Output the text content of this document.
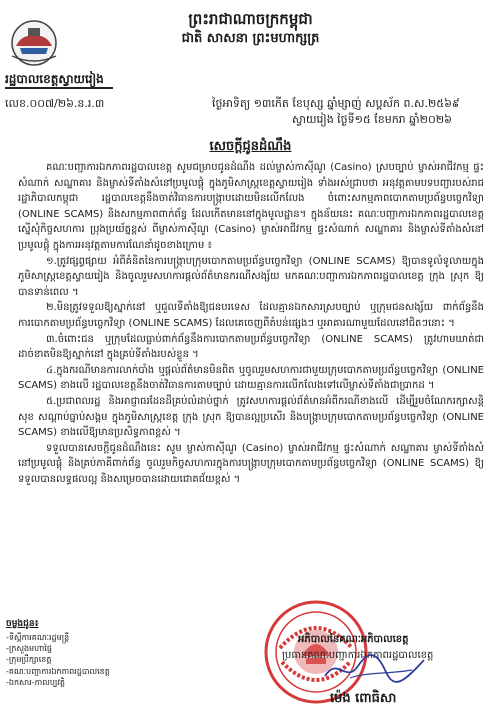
ព្រះរាជាណាចក្រកម្ពុជា
ជាតិ សាសនា ព្រះមហាក្សត្រ
រដ្ឋបាលខេត្តស្វាយរៀង
លេខ.០០៧/២៦.ន.រ.៣	ថ្ងៃអាទិត្យ ១៣កើត ខែបុស្ស ឆ្នាំម្សាញ់ សប្តស័ក ព.ស.២៥៦៩
ស្វាយរៀង ថ្ងៃទី១៥ ខែមករា ឆ្នាំ២០២៦
សេចក្តីជូនដំណឹង

គណៈបញ្ជាការឯកភាពរដ្ឋបាលខេត្ត សូមជម្រាបជូនដំណឹង ដល់ម្ចាស់កាស៊ីណូ (Casino) ស្របច្បាប់ ម្ចាស់អាជីវកម្ម ផ្ទះសំណាក់ សណ្ឋាគារ និងម្ចាស់ទីតាំងសំនៅប្រមូលផ្តុំ ក្នុងភូមិសាស្ត្រខេត្តស្វាយរៀង ទាំងអស់ជ្រាបថា អនុវត្តតាមបទបញ្ជារបស់រាជរដ្ឋាភិបាលកម្ពុជា រដ្ឋបាលខេត្តនឹងចាត់វិធានការបង្ក្រាបដោយមិនលើកលែង ចំពោះសកម្មភាពបោកតាមប្រព័ន្ធបច្ចេកវិទ្យា (ONLINE SCAMS) និងសកម្មភាពពាក់ព័ន្ធ ដែលកើតមាននៅក្នុងមូលដ្ឋាន។ ក្នុងន័យនេះ គណៈបញ្ជាការឯកភាពរដ្ឋបាលខេត្ត ស្នើសុំកិច្ចសហការ ប្រុងប្រយ័ត្នខ្ពស់ ពីម្ចាស់កាស៊ីណូ (Casino) ម្ចាស់អាជីវកម្ម ផ្ទះសំណាក់ សណ្ឋាគារ និងម្ចាស់ទីតាំងសំនៅប្រមូលផ្តុំ ក្នុងការអនុវត្តតាមការណែនាំដូចខាងក្រោម ៖

១.ត្រូវផ្សព្វផ្សាយ អំពីគំនិតនៃការបង្ក្រាបក្រុមបោកតាមប្រព័ន្ធបច្ចេកវិទ្យា (ONLINE SCAMS) ឱ្យបានទូលំទូលាយក្នុងភូមិសាស្ត្រខេត្តស្វាយរៀង និងចូលរួមសហការផ្តល់ព័ត៌មានករណីសង្ស័យ មកគណៈបញ្ជាការឯកភាពរដ្ឋបាលខេត្ត ក្រុង ស្រុក ឱ្យបានទាន់ពេល ។

២.មិនត្រូវទទួលឱ្យស្នាក់នៅ ឬជួលទីតាំងឱ្យជនបរទេស ដែលគ្មានឯកសារស្របច្បាប់ ឬក្រុមជនសង្ស័យ ពាក់ព័ន្ធនឹងការបោកតាមប្រព័ន្ធបច្ចេកវិទ្យា (ONLINE SCAMS) ដែលគេចេញពីតំបន់ផ្សេងៗ ឬអាគារណាមួយដែលនៅជិតៗនោះ ។

៣.ចំពោះជន ឬក្រុមដែលធ្លាប់ពាក់ព័ន្ធនឹងការបោកតាមប្រព័ន្ធបច្ចេកវិទ្យា (ONLINE SCAMS) ត្រូវហាមឃាត់ជាដាច់ខាតមិនឱ្យស្នាក់នៅ ក្នុងគ្រប់ទីតាំងរបស់ខ្លួន ។

៤.ក្នុងករណីមានការលាក់បាំង ឬផ្តល់ព័ត៌មានមិនពិត ឬចូលរួមសហការជាមួយក្រុមបោកតាមប្រព័ន្ធបច្ចេកវិទ្យា (ONLINE SCAMS) ខាងលើ រដ្ឋបាលខេត្តនឹងចាត់វិធានការតាមច្បាប់ ដោយគ្មានការលើកលែងទៅលើម្ចាស់ទីតាំងជាប្រាកដ ។

៥.ប្រជាពលរដ្ឋ និងអាជ្ញាធរដែនដីគ្រប់លំដាប់ថ្នាក់ ត្រូវសហការផ្តល់ព័ត៌មានអំពីករណីខាងលើ ដើម្បីរួមចំណែករក្សាសន្តិសុខ សណ្តាប់ធ្នាប់សង្គម ក្នុងភូមិសាស្ត្រខេត្ត ក្រុង ស្រុក ឱ្យបានល្អប្រសើរ និងបង្ក្រាបក្រុមបោកតាមប្រព័ន្ធបច្ចេកវិទ្យា (ONLINE SCAMS) ខាងលើឱ្យមានប្រសិទ្ធភាពខ្ពស់ ។

ទទួលបានសេចក្តីជូនដំណឹងនេះ សូម ម្ចាស់កាស៊ីណូ (Casino) ម្ចាស់អាជីវកម្ម ផ្ទះសំណាក់ សណ្ឋាគារ ម្ចាស់ទីតាំងសំនៅប្រមូលផ្តុំ និងគ្រប់ភាគីពាក់ព័ន្ធ ចូលរួមកិច្ចសហការក្នុងការបង្ក្រាបក្រុមបោកតាមប្រព័ន្ធបច្ចេកវិទ្យា (ONLINE SCAMS) ឱ្យទទួលបានលទ្ធផលល្អ និងសម្រេចបានដោយជោគជ័យខ្ពស់ ។

អភិបាលនៃគណៈអភិបាលខេត្ត
ប្រធានគណៈបញ្ជាការឯកភាពរដ្ឋបាលខេត្ត
ម៉េង ពោធិសា
ចម្លងជូន៖
-ទីស្តីការគណៈរដ្ឋមន្ត្រី
-ក្រសួងមហាផ្ទៃ
-ក្រុមប្រឹក្សាខេត្ត
-គណៈបញ្ជាការឯកភាពរដ្ឋបាលខេត្ត
-ឯកសារ-កាលប្បវត្តិ
